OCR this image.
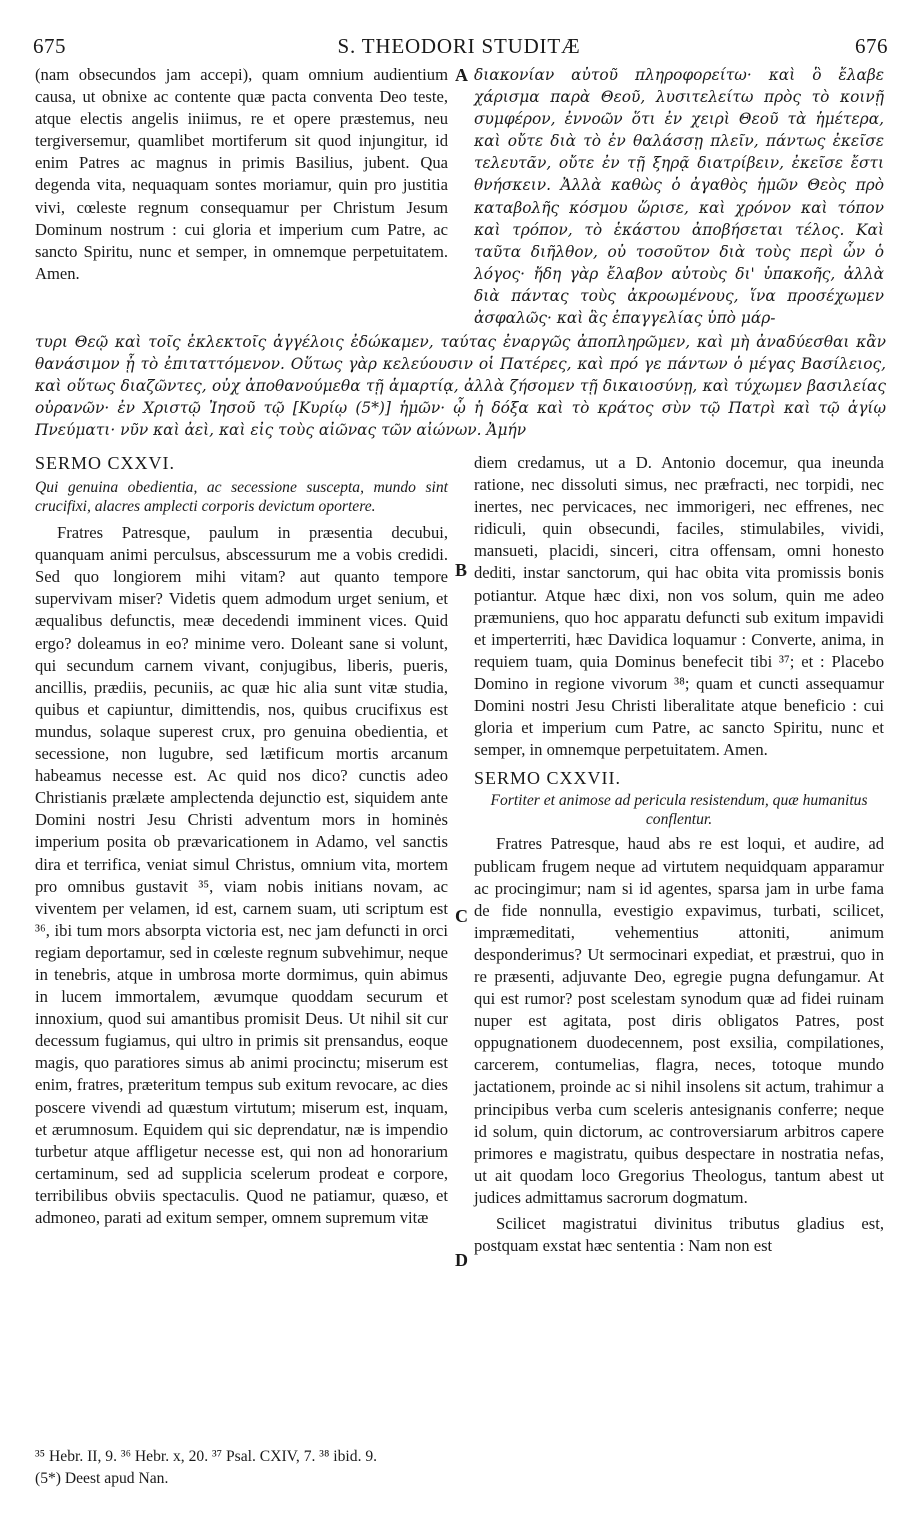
675	S. THEODORI STUDITÆ	676

(nam obsecundos jam accepi), quam omnium audientium causa, ut obnixe ac contente quæ pacta conventa Deo teste, atque electis angelis iniimus, re et opere præstemus, neu tergiversemur, quamlibet mortiferum sit quod injungitur, id enim Patres ac magnus in primis Basilius, jubent. Qua degenda vita, nequaquam sontes moriamur, quin pro justitia vivi, cœleste regnum consequamur per Christum Jesum Dominum nostrum : cui gloria et imperium cum Patre, ac sancto Spiritu, nunc et semper, in omnemque perpetuitatem. Amen.

διακονίαν αὐτοῦ πληροφορείτω· καὶ ὃ ἔλαβε χάρισμα παρὰ Θεοῦ, λυσιτελείτω πρὸς τὸ κοινῇ συμφέρον, ἐννοῶν ὅτι ἐν χειρὶ Θεοῦ τὰ ἡμέτερα, καὶ οὔτε διὰ τὸ ἐν θαλάσσῃ πλεῖν, πάντως ἐκεῖσε τελευτᾶν, οὔτε ἐν τῇ ξηρᾷ διατρίβειν, ἐκεῖσε ἔστι θνήσκειν. Ἀλλὰ καθὼς ὁ ἀγαθὸς ἡμῶν Θεὸς πρὸ καταβολῆς κόσμου ὥρισε, καὶ χρόνον καὶ τόπον καὶ τρόπον, τὸ ἑκάστου ἀποβήσεται τέλος. Καὶ ταῦτα διῆλθον, οὐ τοσοῦτον διὰ τοὺς περὶ ὧν ὁ λόγος· ἤδη γὰρ ἔλαβον αὐτοὺς δι' ὑπακοῆς, ἀλλὰ διὰ πάντας τοὺς ἀκροωμένους, ἵνα προσέχωμεν ἀσφαλῶς· καὶ ἃς ἐπαγγελίας ὑπὸ μάρ-

A

τυρι Θεῷ καὶ τοῖς ἐκλεκτοῖς ἀγγέλοις ἐδώκαμεν, ταύτας ἐναργῶς ἀποπληρῶμεν, καὶ μὴ ἀναδύεσθαι κἂν θανάσιμον ᾖ τὸ ἐπιταττόμενον. Οὕτως γὰρ κελεύουσιν οἱ Πατέρες, καὶ πρό γε πάντων ὁ μέγας Βασίλειος, καὶ οὕτως διαζῶντες, οὐχ ἀποθανούμεθα τῇ ἁμαρτίᾳ, ἀλλὰ ζήσομεν τῇ δικαιοσύνῃ, καὶ τύχωμεν βασιλείας οὐρανῶν· ἐν Χριστῷ Ἰησοῦ τῷ [Κυρίῳ (5*)] ἡμῶν· ᾧ ἡ δόξα καὶ τὸ κράτος σὺν τῷ Πατρὶ καὶ τῷ ἁγίῳ Πνεύματι· νῦν καὶ ἀεὶ, καὶ εἰς τοὺς αἰῶνας τῶν αἰώνων. Ἀμήν

SERMO CXXVI.

Qui genuina obedientia, ac secessione suscepta, mundo sint crucifixi, alacres amplecti corporis devictum oportere.

Fratres Patresque, paulum in præsentia decubui, quanquam animi perculsus, abscessurum me a vobis credidi. Sed quo longiorem mihi vitam? aut quanto tempore supervivam miser? Videtis quem admodum urget senium, et æqualibus defunctis, meæ decedendi imminent vices. Quid ergo? doleamus in eo? minime vero. Doleant sane si volunt, qui secundum carnem vivant, conjugibus, liberis, pueris, ancillis, prædiis, pecuniis, ac quæ hic alia sunt vitæ studia, quibus et capiuntur, dimittendis, nos, quibus crucifixus est mundus, solaque superest crux, pro genuina obedientia, et secessione, non lugubre, sed lætificum mortis arcanum habeamus necesse est. Ac quid nos dico? cunctis adeo Christianis prælæte amplectenda dejunctio est, siquidem ante Domini nostri Jesu Christi adventum mors in hominės imperium posita ob prævaricationem in Adamo, vel sanctis dira et terrifica, veniat simul Christus, omnium vita, mortem pro omnibus gustavit ³⁵, viam nobis initians novam, ac viventem per velamen, id est, carnem suam, uti scriptum est ³⁶, ibi tum mors absorpta victoria est, nec jam defuncti in orci regiam deportamur, sed in cœleste regnum subvehimur, neque in tenebris, atque in umbrosa morte dormimus, quin abimus in lucem immortalem, ævumque quoddam securum et innoxium, quod sui amantibus promisit Deus. Ut nihil sit cur decessum fugiamus, qui ultro in primis sit prensandus, eoque magis, quo paratiores simus ab animi procinctu; miserum est enim, fratres, præteritum tempus sub exitum revocare, ac dies poscere vivendi ad quæstum virtutum; miserum est, inquam, et ærumnosum. Equidem qui sic deprendatur, næ is impendio turbetur atque affligetur necesse est, qui non ad honorarium certaminum, sed ad supplicia scelerum prodeat e corpore, terribilibus obviis spectaculis. Quod ne patiamur, quæso, et admoneo, parati ad exitum semper, omnem supremum vitæ

diem credamus, ut a D. Antonio docemur, qua ineunda ratione, nec dissoluti simus, nec præfracti, nec torpidi, nec inertes, nec pervicaces, nec immorigeri, nec effrenes, nec ridiculi, quin obsecundi, faciles, stimulabiles, vividi, mansueti, placidi, sinceri, citra offensam, omni honesto dediti, instar sanctorum, qui hac obita vita promissis bonis potiantur. Atque hæc dixi, non vos solum, quin me adeo præmuniens, quo hoc apparatu defuncti sub exitum impavidi et imperterriti, hæc Davidica loquamur : Converte, anima, in requiem tuam, quia Dominus benefecit tibi ³⁷; et : Placebo Domino in regione vivorum ³⁸; quam et cuncti assequamur Domini nostri Jesu Christi liberalitate atque beneficio : cui gloria et imperium cum Patre, ac sancto Spiritu, nunc et semper, in omnemque perpetuitatem. Amen.

SERMO CXXVII.

Fortiter et animose ad pericula resistendum, quæ humanitus conflentur.

Fratres Patresque, haud abs re est loqui, et audire, ad publicam frugem neque ad virtutem nequidquam apparamur ac procingimur; nam si id agentes, sparsa jam in urbe fama de fide nonnulla, evestigio expavimus, turbati, scilicet, impræmeditati, vehementius attoniti, animum desponderimus? Ut sermocinari expediat, et præstrui, quo in re præsenti, adjuvante Deo, egregie pugna defungamur. At qui est rumor? post scelestam synodum quæ ad fidei ruinam nuper est agitata, post diris obligatos Patres, post oppugnationem duodecennem, post exsilia, compilationes, carcerem, contumelias, flagra, neces, totoque mundo jactationem, proinde ac si nihil insolens sit actum, trahimur a principibus verba cum sceleris antesignanis conferre; neque id solum, quin dictorum, ac controversiarum arbitros capere primores e magistratu, quibus despectare in nostratia nefas, ut ait quodam loco Gregorius Theologus, tantum abest ut judices admittamus sacrorum dogmatum.

Scilicet magistratui divinitus tributus gladius est, postquam exstat hæc sententia : Nam non est

B
C
D

³⁵ Hebr. II, 9. ³⁶ Hebr. x, 20. ³⁷ Psal. CXIV, 7. ³⁸ ibid. 9.

(5*) Deest apud Nan.
